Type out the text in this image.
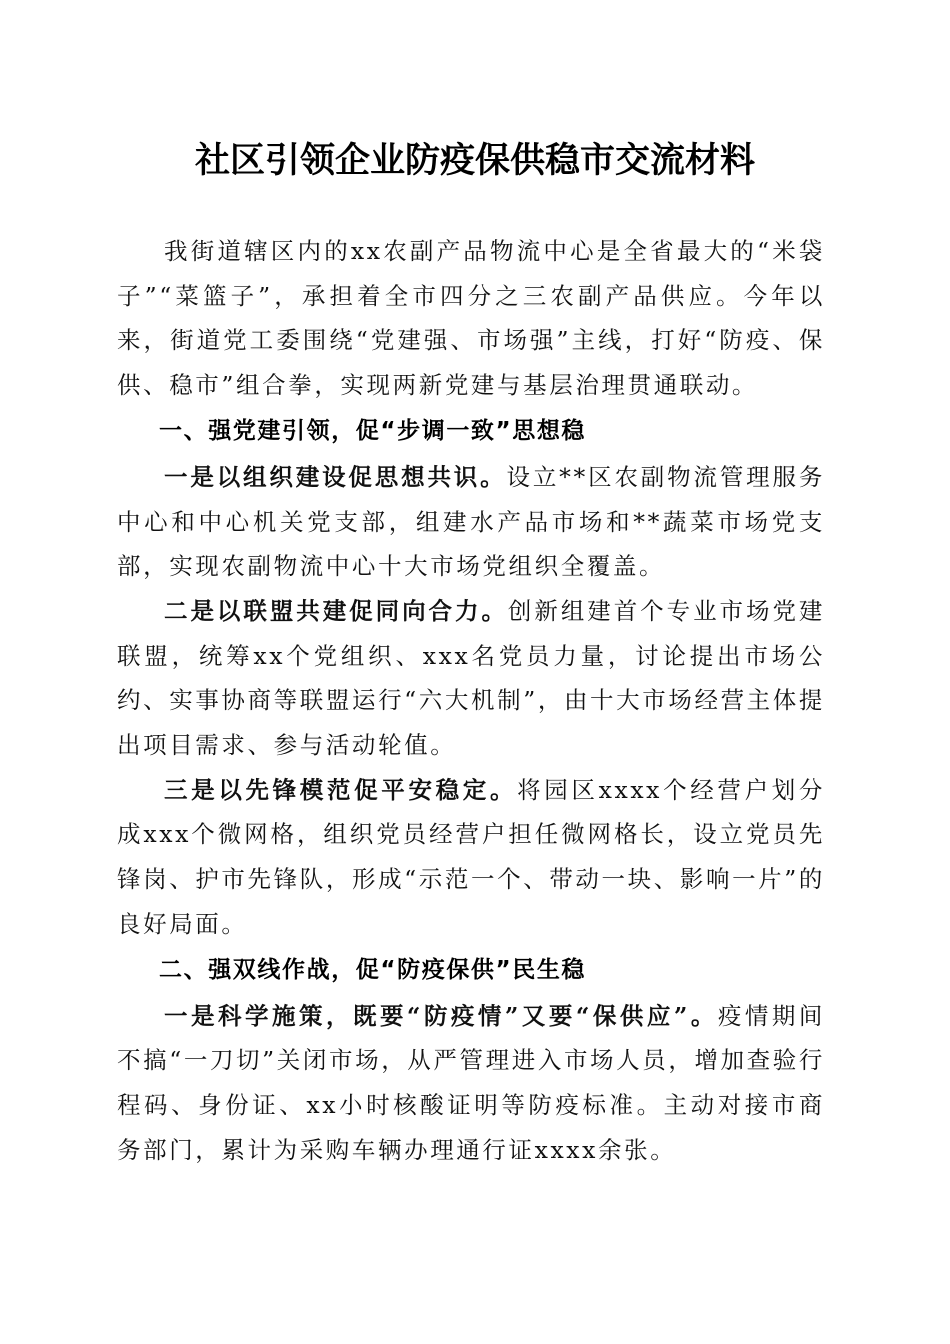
社区引领企业防疫保供稳市交流材料

我街道辖区内的xx农副产品物流中心是全省最大的“米袋子”“菜篮子”，承担着全市四分之三农副产品供应。今年以来，街道党工委围绕“党建强、市场强”主线，打好“防疫、保供、稳市”组合拳，实现两新党建与基层治理贯通联动。

一、强党建引领，促“步调一致”思想稳

一是以组织建设促思想共识。设立**区农副物流管理服务中心和中心机关党支部，组建水产品市场和**蔬菜市场党支部，实现农副物流中心十大市场党组织全覆盖。

二是以联盟共建促同向合力。创新组建首个专业市场党建联盟，统筹xx个党组织、xxx名党员力量，讨论提出市场公约、实事协商等联盟运行“六大机制”，由十大市场经营主体提出项目需求、参与活动轮值。

三是以先锋模范促平安稳定。将园区xxxx个经营户划分成xxx个微网格，组织党员经营户担任微网格长，设立党员先锋岗、护市先锋队，形成“示范一个、带动一块、影响一片”的良好局面。

二、强双线作战，促“防疫保供”民生稳

一是科学施策，既要“防疫情”又要“保供应”。疫情期间不搞“一刀切”关闭市场，从严管理进入市场人员，增加查验行程码、身份证、xx小时核酸证明等防疫标准。主动对接市商务部门，累计为采购车辆办理通行证xxxx余张。
